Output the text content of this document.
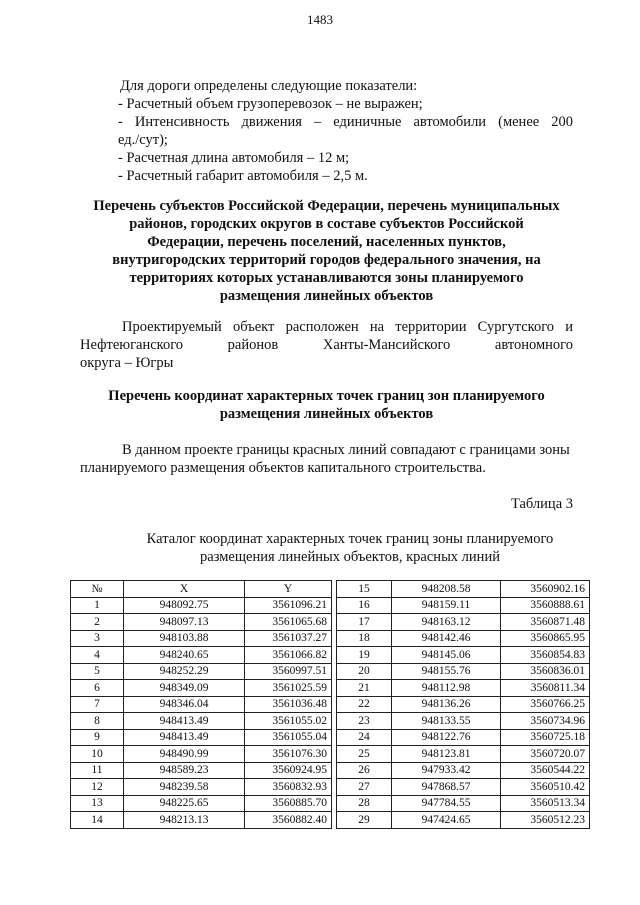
1483
Для дороги определены следующие показатели:
- Расчетный объем грузоперевозок – не выражен;
- Интенсивность движения – единичные автомобили (менее 200
ед./сут);
- Расчетная длина автомобиля – 12 м;
- Расчетный габарит автомобиля – 2,5 м.
Перечень субъектов Российской Федерации, перечень муниципальных
районов, городских округов в составе субъектов Российской
Федерации, перечень поселений, населенных пунктов,
внутригородских территорий городов федерального значения, на
территориях которых устанавливаются зоны планируемого
размещения линейных объектов
Проектируемый объект расположен на территории Сургутского и
Нефтеюганского районов Ханты-Мансийского автономного
округа – Югры
Перечень координат характерных точек границ зон планируемого
размещения линейных объектов
В данном проекте границы красных линий совпадают с границами зоны
планируемого размещения объектов капитального строительства.
Таблица 3
Каталог координат характерных точек границ зоны планируемого
размещения линейных объектов, красных линий
№	X	Y
1	948092.75	3561096.21
2	948097.13	3561065.68
3	948103.88	3561037.27
4	948240.65	3561066.82
5	948252.29	3560997.51
6	948349.09	3561025.59
7	948346.04	3561036.48
8	948413.49	3561055.02
9	948413.49	3561055.04
10	948490.99	3561076.30
11	948589.23	3560924.95
12	948239.58	3560832.93
13	948225.65	3560885.70
14	948213.13	3560882.40
15	948208.58	3560902.16
16	948159.11	3560888.61
17	948163.12	3560871.48
18	948142.46	3560865.95
19	948145.06	3560854.83
20	948155.76	3560836.01
21	948112.98	3560811.34
22	948136.26	3560766.25
23	948133.55	3560734.96
24	948122.76	3560725.18
25	948123.81	3560720.07
26	947933.42	3560544.22
27	947868.57	3560510.42
28	947784.55	3560513.34
29	947424.65	3560512.23
